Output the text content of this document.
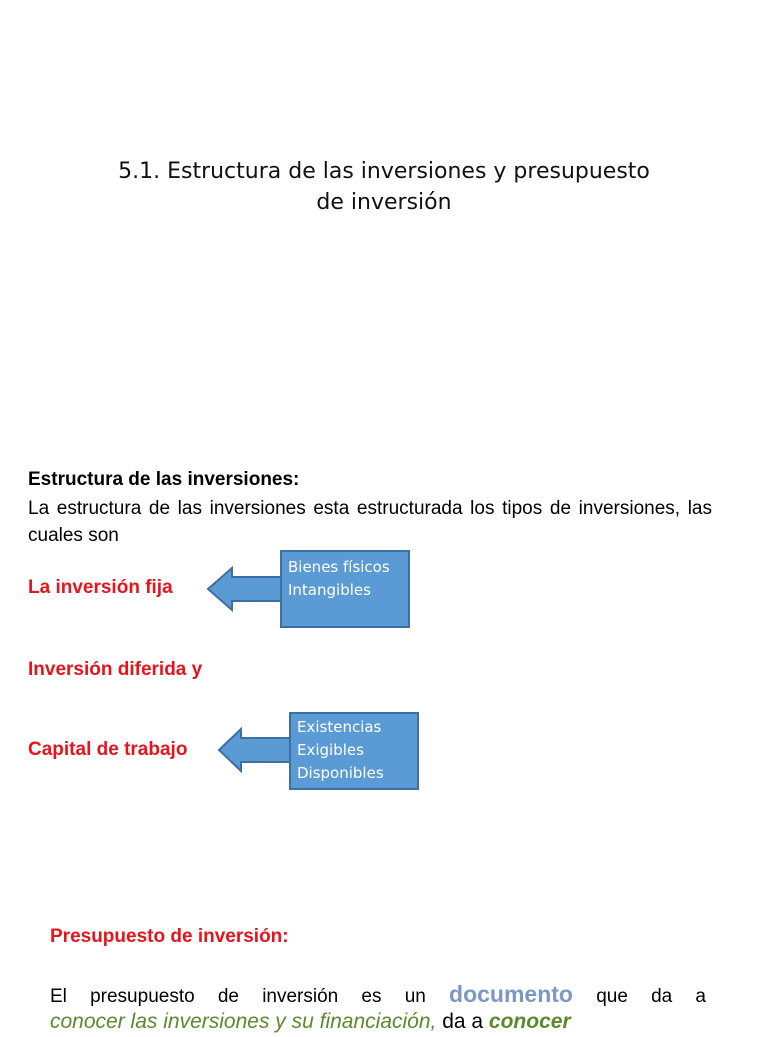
5.1. Estructura de las inversiones y presupuesto
de inversión
Estructura de las inversiones:
La estructura de las inversiones esta estructurada los tipos de inversiones, las cuales son
La inversión fija
Bienes físicos
Intangibles
Inversión diferida y
Capital de trabajo
Existencias
Exigibles
Disponibles
Presupuesto de inversión:
El presupuesto de inversión es un documento que da a
conocer las inversiones y su financiación, da a conocer
